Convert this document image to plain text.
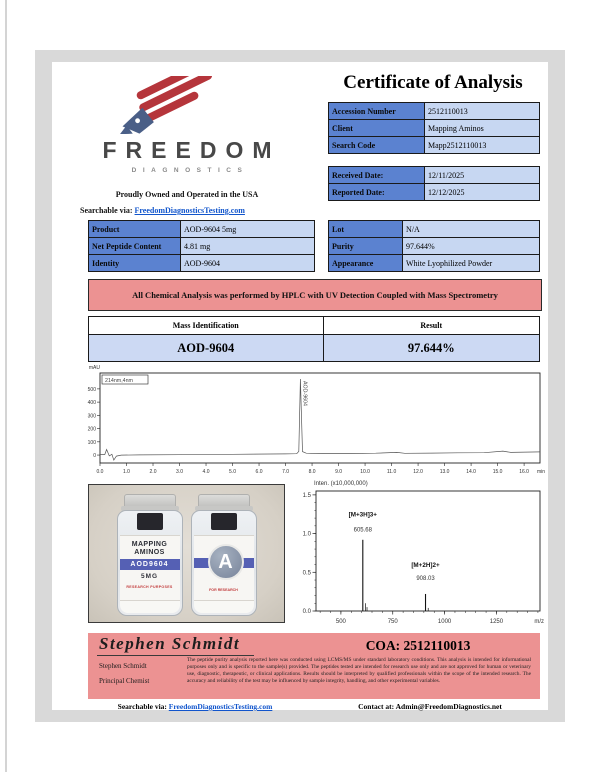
FREEDOM
DIAGNOSTICS
Proudly Owned and Operated in the USA
Searchable via: FreedomDiagnosticsTesting.com
Certificate of Analysis
Accession Number	2512110013
Client	Mapping Aminos
Search Code	Mapp2512110013
Received Date:	12/11/2025
Reported Date:	12/12/2025
Product	AOD-9604 5mg
Net Peptide Content	4.81 mg
Identity	AOD-9604
Lot	N/A
Purity	97.644%
Appearance	White Lyophilized Powder
All Chemical Analysis was performed by HPLC with UV Detection Coupled with Mass Spectrometry
Mass Identification	Result
AOD-9604	97.644%
0.0	1.0	2.0	3.0	4.0	5.0	6.0	7.0	8.0	9.0	10.0	11.0	12.0	13.0	14.0	15.0	16.0 min
0
100
200
300
400
500
mAU
214nm,4nm	AOD-9604
MAPPING
AMINOS
AOD9604
5MG
RESEARCH PURPOSES
A
FOR RESEARCH
Inten. (x10,000,000)
500	750	1000	1250	m/z
0.0
0.5
1.0
1.5
[M+3H]3+
605.68
[M+2H]2+
908.03
Stephen Schmidt	COA: 2512110013
Stephen Schmidt
Principal Chemist
The peptide purity analysis reported here was conducted using LCMS/MS under standard laboratory conditions. This analysis is intended for informational purposes only and is specific to the sample(s) provided. The peptides tested are intended for research use only and are not approved for human or veterinary use, diagnostic, therapeutic, or clinical applications. Results should be interpreted by qualified professionals within the scope of the intended research. The accuracy and reliability of the test may be influenced by sample integrity, handling, and other experimental variables.
Searchable via: FreedomDiagnosticsTesting.com	Contact at: Admin@FreedomDiagnostics.net
